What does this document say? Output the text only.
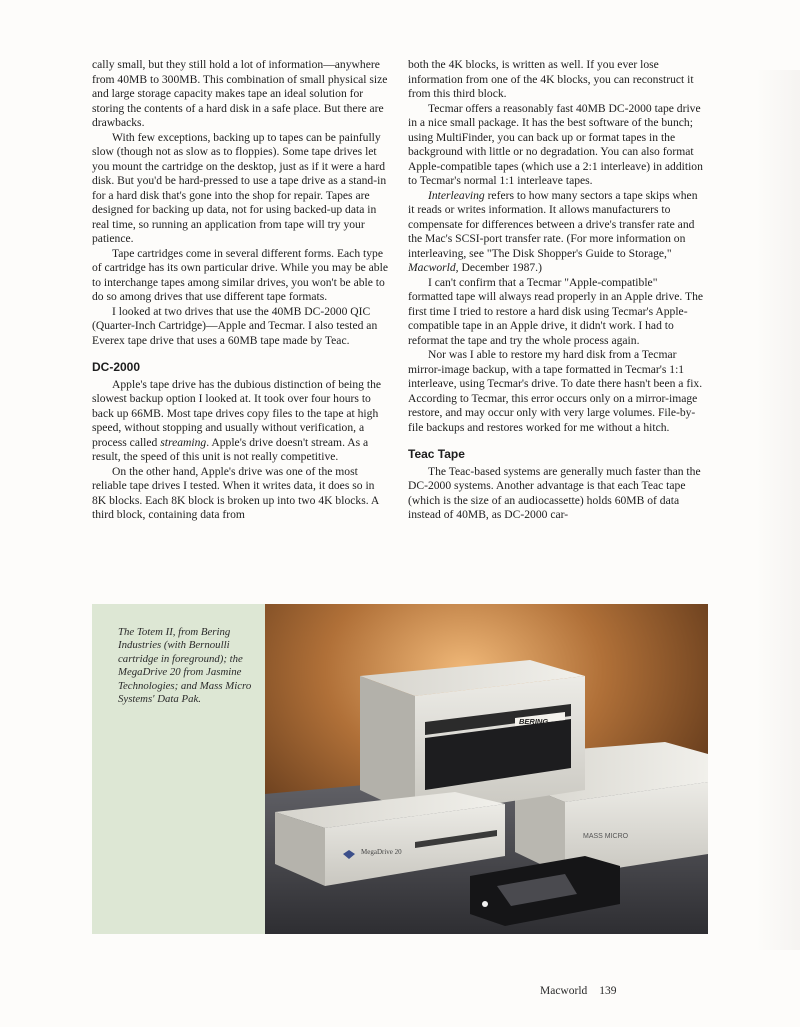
cally small, but they still hold a lot of information—anywhere from 40MB to 300MB. This combination of small physical size and large storage capacity makes tape an ideal solution for storing the contents of a hard disk in a safe place. But there are drawbacks.

With few exceptions, backing up to tapes can be painfully slow (though not as slow as to floppies). Some tape drives let you mount the cartridge on the desktop, just as if it were a hard disk. But you'd be hard-pressed to use a tape drive as a stand-in for a hard disk that's gone into the shop for repair. Tapes are designed for backing up data, not for using backed-up data in real time, so running an application from tape will try your patience.

Tape cartridges come in several different forms. Each type of cartridge has its own particular drive. While you may be able to interchange tapes among similar drives, you won't be able to do so among drives that use different tape formats.

I looked at two drives that use the 40MB DC-2000 QIC (Quarter-Inch Cartridge)—Apple and Tecmar. I also tested an Everex tape drive that uses a 60MB tape made by Teac.

DC-2000

Apple's tape drive has the dubious distinction of being the slowest backup option I looked at. It took over four hours to back up 66MB. Most tape drives copy files to the tape at high speed, without stopping and usually without verification, a process called streaming. Apple's drive doesn't stream. As a result, the speed of this unit is not really competitive.

On the other hand, Apple's drive was one of the most reliable tape drives I tested. When it writes data, it does so in 8K blocks. Each 8K block is broken up into two 4K blocks. A third block, containing data from

both the 4K blocks, is written as well. If you ever lose information from one of the 4K blocks, you can reconstruct it from this third block.

Tecmar offers a reasonably fast 40MB DC-2000 tape drive in a nice small package. It has the best software of the bunch; using MultiFinder, you can back up or format tapes in the background with little or no degradation. You can also format Apple-compatible tapes (which use a 2:1 interleave) in addition to Tecmar's normal 1:1 interleave tapes.

Interleaving refers to how many sectors a tape skips when it reads or writes information. It allows manufacturers to compensate for differences between a drive's transfer rate and the Mac's SCSI-port transfer rate. (For more information on interleaving, see "The Disk Shopper's Guide to Storage," Macworld, December 1987.)

I can't confirm that a Tecmar "Apple-compatible" formatted tape will always read properly in an Apple drive. The first time I tried to restore a hard disk using Tecmar's Apple-compatible tape in an Apple drive, it didn't work. I had to reformat the tape and try the whole process again.

Nor was I able to restore my hard disk from a Tecmar mirror-image backup, with a tape formatted in Tecmar's 1:1 interleave, using Tecmar's drive. To date there hasn't been a fix. According to Tecmar, this error occurs only on a mirror-image restore, and may occur only with very large volumes. File-by-file backups and restores worked for me without a hitch.

Teac Tape

The Teac-based systems are generally much faster than the DC-2000 systems. Another advantage is that each Teac tape (which is the size of an audiocassette) holds 60MB of data instead of 40MB, as DC-2000 car-

The Totem II, from Bering Industries (with Bernoulli cartridge in foreground); the MegaDrive 20 from Jasmine Technologies; and Mass Micro Systems' Data Pak.
MASS MICRO
BERING
MegaDrive 20
Macworld 139
